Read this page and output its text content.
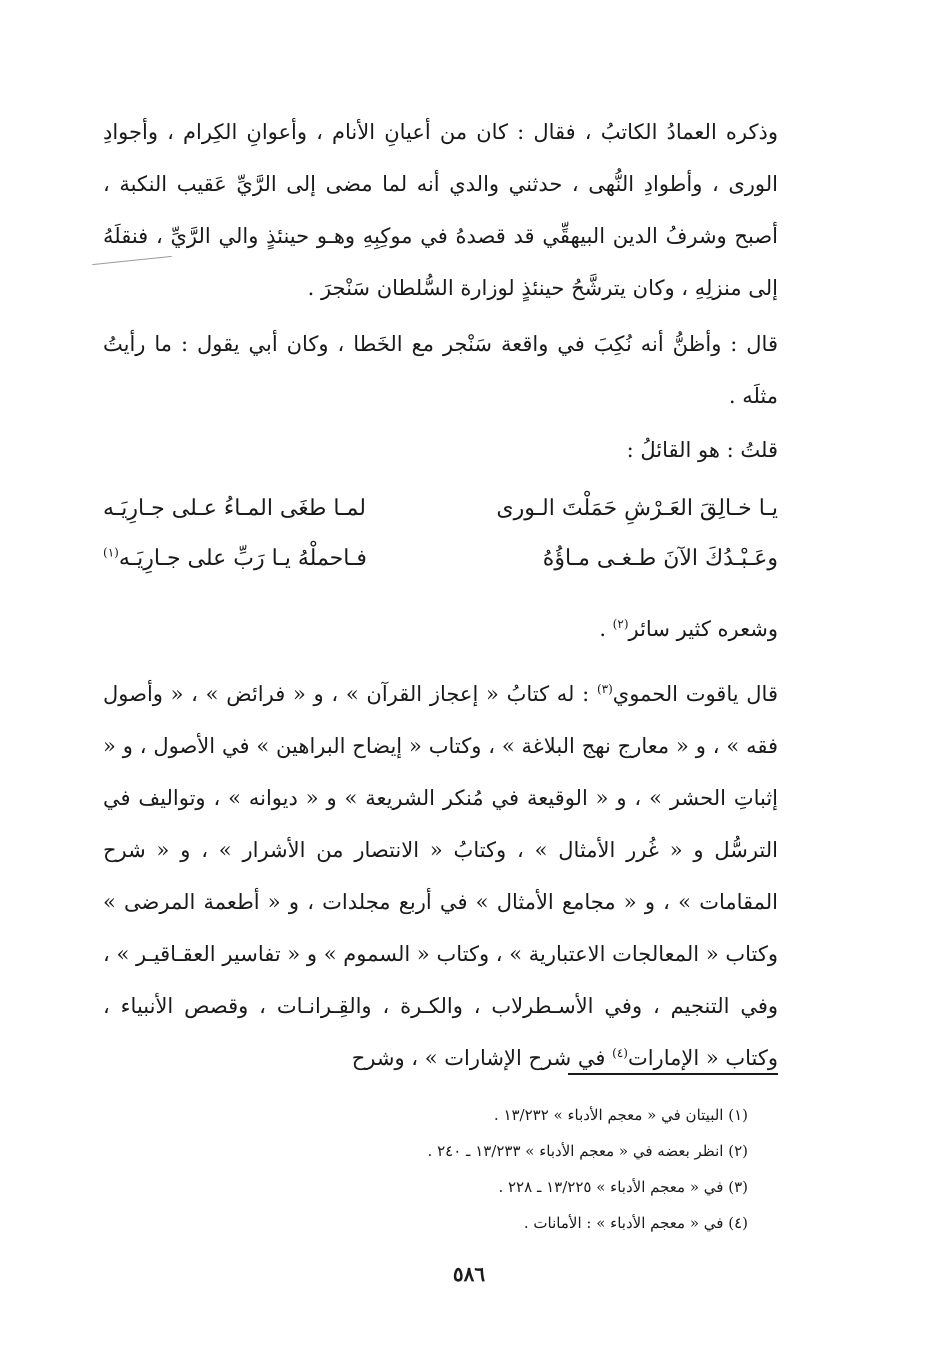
وذكره العمادُ الكاتبُ ، فقال : كان من أعيانِ الأنام ، وأعوانِ الكِرام ، وأجوادِ الورى ، وأطوادِ النُّهى ، حدثني والدي أنه لما مضى إلى الرَّيِّ عَقيب النكبة ، أصبح وشرفُ الدين البيهقِّي قد قصدهُ في موكِبِهِ وهـو حينئذٍ والي الرَّيِّ ، فنقلَهُ إلى منزلِهِ ، وكان يترشَّحُ حينئذٍ لوزارة السُّلطان سَنْجرَ .

قال : وأظنُّ أنه نُكِبَ في واقعة سَنْجر مع الخَطا ، وكان أبي يقول : ما رأيتُ مثلَه .

قلتُ : هو القائلُ :

يـا خـالِقَ العَـرْشِ حَمَلْتَ الـورى
لمـا طغَى المـاءُ عـلى جـارِيَـه
وعَـبْـدُكَ الآنَ طـغـى مـاؤُهُ
فـاحملْهُ يـا رَبِّ على جـارِيَـه$^{(١)}$

وشعره كثير سائر$^{(٢)}$ .

قال ياقوت الحموي$^{(٣)}$ : له كتابُ « إعجاز القرآن » ، و « فرائض » ، « وأصول فقه » ، و « معارج نهج البلاغة » ، وكتاب « إيضاح البراهين » في الأصول ، و « إثباتِ الحشر » ، و « الوقيعة في مُنكر الشريعة » و « ديوانه » ، وتواليف في الترسُّل و « غُرر الأمثال » ، وكتابُ « الانتصار من الأشرار » ، و « شرح المقامات » ، و « مجامع الأمثال » في أربع مجلدات ، و « أطعمة المرضى » وكتاب « المعالجات الاعتبارية » ، وكتاب « السموم » و « تفاسير العقـاقيـر » ، وفي التنجيم ، وفي الأسـطرلاب ، والكـرة ، والقِـرانـات ، وقصص الأنبياء ، وكتاب « الإمارات$^{(٤)}$ في شرح الإشارات » ، وشرح

(١) البيتان في « معجم الأدباء » ١٣/٢٣٢ .

(٢) انظر بعضه في « معجم الأدباء » ١٣/٢٣٣ ـ ٢٤٠ .

(٣) في « معجم الأدباء » ١٣/٢٢٥ ـ ٢٢٨ .

(٤) في « معجم الأدباء » : الأمانات .

٥٨٦
